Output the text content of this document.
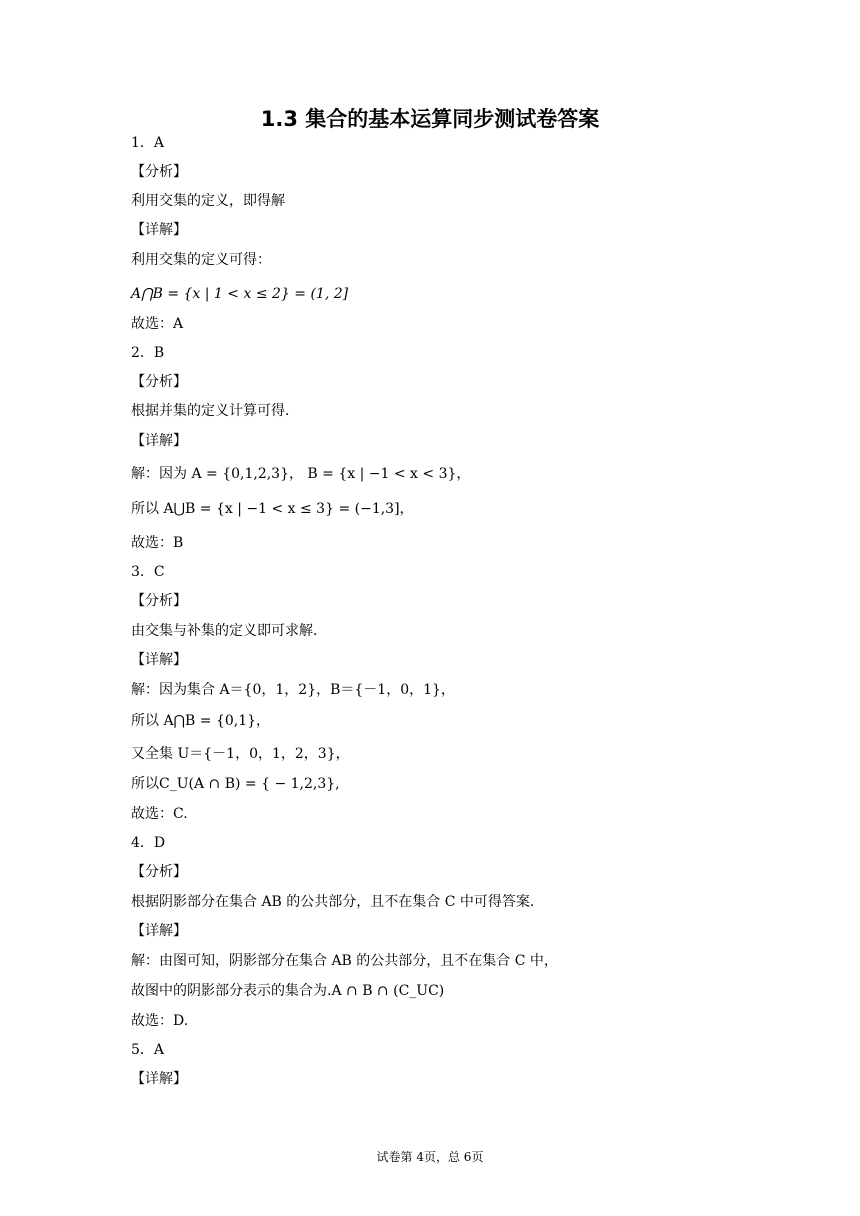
1.3 集合的基本运算同步测试卷答案
1．A
【分析】
利用交集的定义，即得解
【详解】
利用交集的定义可得：
A⋂B = {x | 1 < x ≤ 2} = (1, 2]
故选：A
2．B
【分析】
根据并集的定义计算可得.
【详解】
解：因为 A = {0,1,2,3}， B = {x | −1 < x < 3}，
所以 A⋃B = {x | −1 < x ≤ 3} = (−1,3]，
故选：B
3．C
【分析】
由交集与补集的定义即可求解.
【详解】
解：因为集合 A＝{0，1，2}，B＝{－1，0，1}，
所以 A⋂B = {0,1}，
又全集 U＝{－1，0，1，2，3}，
所以C_U(A ∩ B) = { − 1,2,3},
故选：C.
4．D
【分析】
根据阴影部分在集合 AB 的公共部分，且不在集合 C 中可得答案.
【详解】
解：由图可知，阴影部分在集合 AB 的公共部分，且不在集合 C 中，
故图中的阴影部分表示的集合为.A ∩ B ∩ (C_UC)
故选：D.
5．A
【详解】
试卷第 4页，总 6页
